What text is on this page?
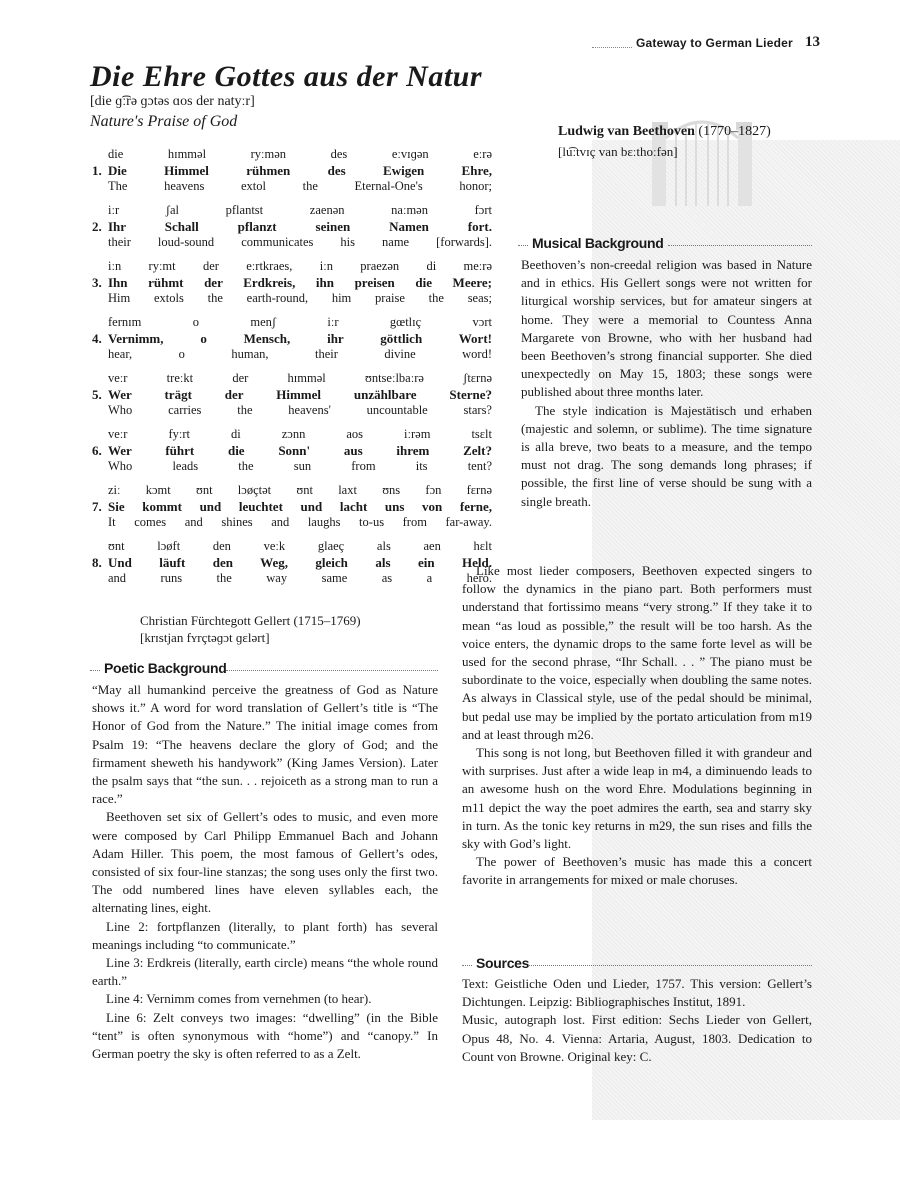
Gateway to German Lieder 13
Die Ehre Gottes aus der Natur
[die ɡ͡ːrə ɡɔtəs ɑos der natyːr]
Nature's Praise of God
Ludwig van Beethoven (1770–1827)
[lu͡ːtvɪç van bɛːthoːfən]
die hɪmməl ryːmən des eːvɪɡən eːrə
1. Die Himmel rühmen des Ewigen Ehre,
The heavens extol the Eternal-One's honor;
iːr ʃal pflantst zaenən naːmən fɔrt
2. Ihr Schall pflanzt seinen Namen fort.
their loud-sound communicates his name [forwards].
iːn ryːmt der eːrtkraes, iːn praezən di meːrə
3. Ihn rühmt der Erdkreis, ihn preisen die Meere;
Him extols the earth-round, him praise the seas;
fernɪm o menʃ iːr gœtlɪç vɔrt
4. Vernimm, o Mensch, ihr göttlich Wort!
hear, o human, their divine word!
veːr treːkt der hɪmməl ʊntseːlbaːrə ʃtɛrnə
5. Wer trägt der Himmel unzählbare Sterne?
Who carries the heavens' uncountable stars?
veːr fyːrt di zɔnn aos iːrəm tsɛlt
6. Wer führt die Sonn' aus ihrem Zelt?
Who leads the sun from its tent?
ziː kɔmt ʊnt lɔøçtət ʊnt laxt ʊns fɔn fɛrnə
7. Sie kommt und leuchtet und lacht uns von ferne,
It comes and shines and laughs to-us from far-away.
ʊnt lɔøft den veːk glaeç als aen hɛlt
8. Und läuft den Weg, gleich als ein Held.
and runs the way same as a hero.
Christian Fürchtegott Gellert (1715–1769)
[krɪstjan fʏrçtəɡɔt ɡɛlərt]
Poetic Background

“May all humankind perceive the greatness of God as Nature shows it.” A word for word translation of Gellert’s title is “The Honor of God from the Nature.” The initial image comes from Psalm 19: “The heavens declare the glory of God; and the firmament sheweth his handywork” (King James Version). Later the psalm says that “the sun. . . rejoiceth as a strong man to run a race.”

Beethoven set six of Gellert’s odes to music, and even more were composed by Carl Philipp Emmanuel Bach and Johann Adam Hiller. This poem, the most famous of Gellert’s odes, consisted of six four-line stanzas; the song uses only the first two. The odd numbered lines have eleven syllables each, the alternating lines, eight.

Line 2: fortpflanzen (literally, to plant forth) has several meanings including “to communicate.”

Line 3: Erdkreis (literally, earth circle) means “the whole round earth.”

Line 4: Vernimm comes from vernehmen (to hear).

Line 6: Zelt conveys two images: “dwelling” (in the Bible “tent” is often synonymous with “home”) and “canopy.” In German poetry the sky is often referred to as a Zelt.

Musical Background

Beethoven’s non-creedal religion was based in Nature and in ethics. His Gellert songs were not written for liturgical worship services, but for amateur singers at home. They were a memorial to Countess Anna Margarete von Browne, who with her husband had been Beethoven’s strong financial supporter. She died unexpectedly on May 15, 1803; these songs were published about three months later.

The style indication is Majestätisch und erhaben (majestic and solemn, or sublime). The time signature is alla breve, two beats to a measure, and the tempo must not drag. The song demands long phrases; if possible, the first line of verse should be sung with a single breath.

Like most lieder composers, Beethoven expected singers to follow the dynamics in the piano part. Both performers must understand that fortissimo means “very strong.” If they take it to mean “as loud as possible,” the result will be too harsh. As the voice enters, the dynamic drops to the same forte level as will be used for the second phrase, “Ihr Schall. . . ” The piano must be subordinate to the voice, especially when doubling the same notes. As always in Classical style, use of the pedal should be minimal, but pedal use may be implied by the portato articulation from m19 and at least through m26.

This song is not long, but Beethoven filled it with grandeur and with surprises. Just after a wide leap in m4, a diminuendo leads to an awesome hush on the word Ehre. Modulations beginning in m11 depict the way the poet admires the earth, sea and starry sky in turn. As the tonic key returns in m29, the sun rises and fills the sky with God’s light.

The power of Beethoven’s music has made this a concert favorite in arrangements for mixed or male choruses.

Sources

Text: Geistliche Oden und Lieder, 1757. This version: Gellert’s Dichtungen. Leipzig: Bibliographisches Institut, 1891.

Music, autograph lost. First edition: Sechs Lieder von Gellert, Opus 48, No. 4. Vienna: Artaria, August, 1803. Dedication to Count von Browne. Original key: C.
